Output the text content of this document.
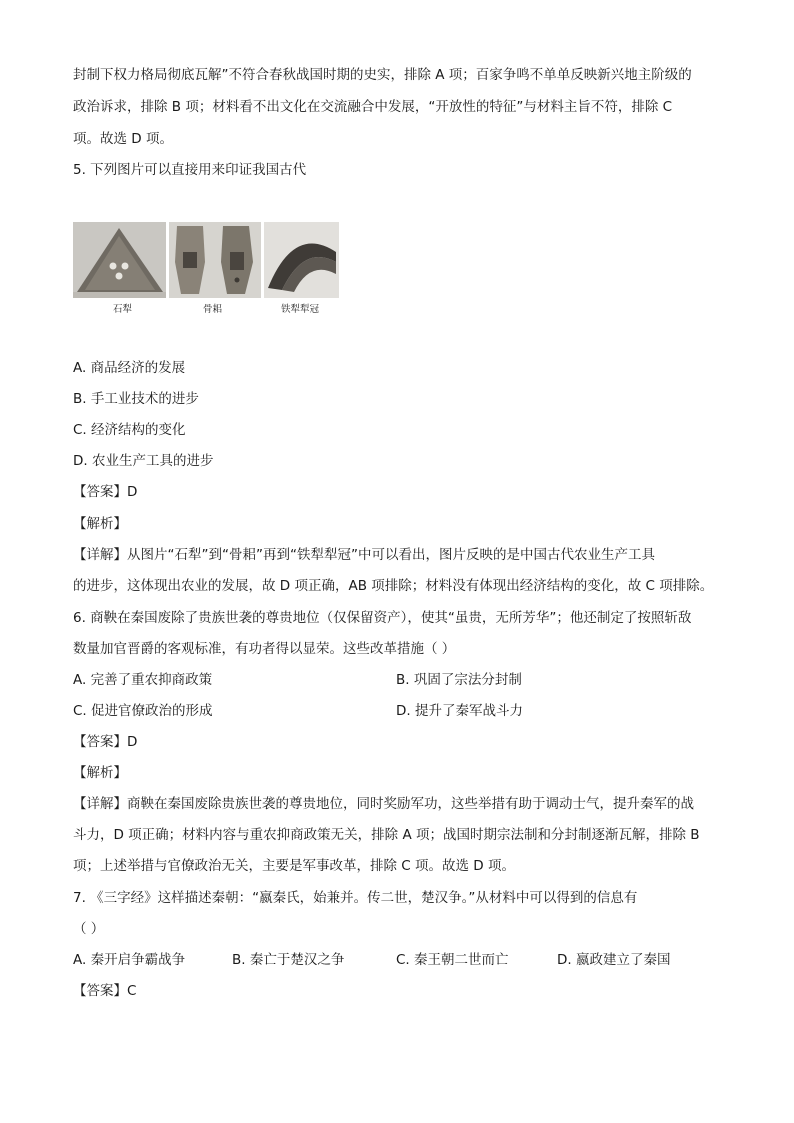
封制下权力格局彻底瓦解”不符合春秋战国时期的史实，排除 A 项；百家争鸣不单单反映新兴地主阶级的
政治诉求，排除 B 项；材料看不出文化在交流融合中发展，“开放性的特征”与材料主旨不符，排除 C
项。故选 D 项。
5. 下列图片可以直接用来印证我国古代
石犁	骨耜	铁犁犁冠
A. 商品经济的发展
B. 手工业技术的进步
C. 经济结构的变化
D. 农业生产工具的进步
【答案】D
【解析】
【详解】从图片“石犁”到“骨耜”再到“铁犁犁冠”中可以看出，图片反映的是中国古代农业生产工具
的进步，这体现出农业的发展，故 D 项正确，AB 项排除；材料没有体现出经济结构的变化，故 C 项排除。
6. 商鞅在秦国废除了贵族世袭的尊贵地位（仅保留资产），使其“虽贵，无所芳华”；他还制定了按照斩敌
数量加官晋爵的客观标准，有功者得以显荣。这些改革措施（ ）
A. 完善了重农抑商政策	B. 巩固了宗法分封制
C. 促进官僚政治的形成	D. 提升了秦军战斗力
【答案】D
【解析】
【详解】商鞅在秦国废除贵族世袭的尊贵地位，同时奖励军功，这些举措有助于调动士气，提升秦军的战
斗力，D 项正确；材料内容与重农抑商政策无关，排除 A 项；战国时期宗法制和分封制逐渐瓦解，排除 B
项；上述举措与官僚政治无关，主要是军事改革，排除 C 项。故选 D 项。
7. 《三字经》这样描述秦朝：“嬴秦氏，始兼并。传二世，楚汉争。”从材料中可以得到的信息有
（ ）
A. 秦开启争霸战争	B. 秦亡于楚汉之争	C. 秦王朝二世而亡	D. 嬴政建立了秦国
【答案】C
